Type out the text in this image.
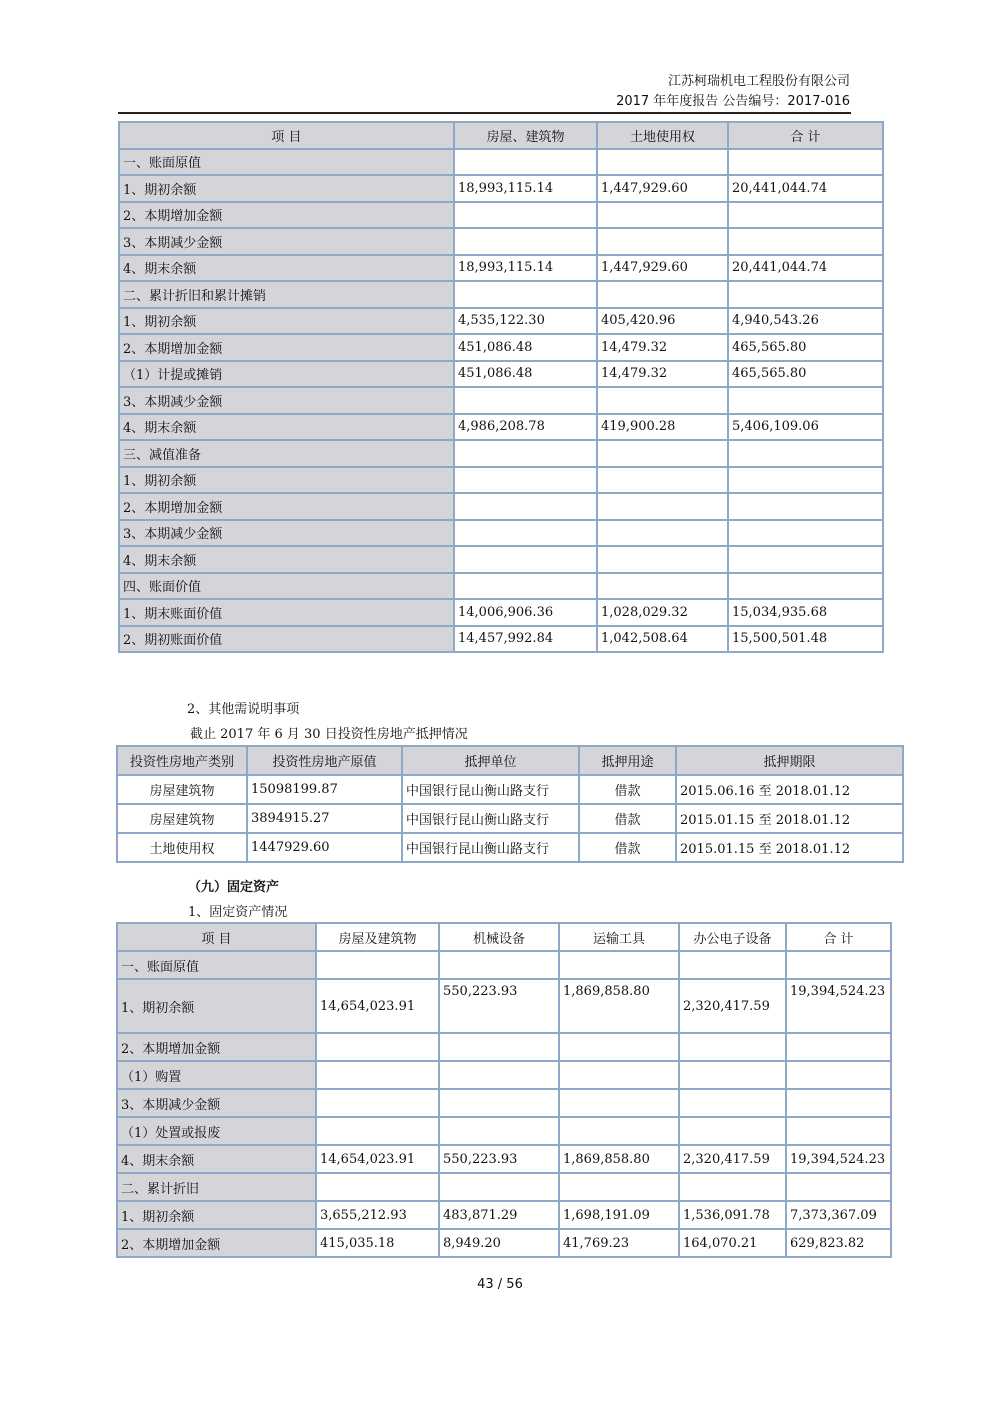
江苏柯瑞机电工程股份有限公司
2017 年年度报告 公告编号：2017-016
项 目	房屋、建筑物	土地使用权	合 计
一、账面原值			
1、期初余额	18,993,115.14	1,447,929.60	20,441,044.74
2、本期增加金额			
3、本期减少金额			
4、期末余额	18,993,115.14	1,447,929.60	20,441,044.74
二、累计折旧和累计摊销			
1、期初余额	4,535,122.30	405,420.96	4,940,543.26
2、本期增加金额	451,086.48	14,479.32	465,565.80
（1）计提或摊销	451,086.48	14,479.32	465,565.80
3、本期减少金额			
4、期末余额	4,986,208.78	419,900.28	5,406,109.06
三、减值准备			
1、期初余额			
2、本期增加金额			
3、本期减少金额			
4、期末余额			
四、账面价值			
1、期末账面价值	14,006,906.36	1,028,029.32	15,034,935.68
2、期初账面价值	14,457,992.84	1,042,508.64	15,500,501.48
2、其他需说明事项
截止 2017 年 6 月 30 日投资性房地产抵押情况
投资性房地产类别	投资性房地产原值	抵押单位	抵押用途	抵押期限
房屋建筑物	15098199.87	中国银行昆山衡山路支行	借款	2015.06.16 至 2018.01.12
房屋建筑物	3894915.27	中国银行昆山衡山路支行	借款	2015.01.15 至 2018.01.12
土地使用权	1447929.60	中国银行昆山衡山路支行	借款	2015.01.15 至 2018.01.12
（九）固定资产
1、固定资产情况
项 目	房屋及建筑物	机械设备	运输工具	办公电子设备	合 计
一、账面原值					
1、期初余额	14,654,023.91	550,223.93	1,869,858.80	2,320,417.59	19,394,524.23
2、本期增加金额					
（1）购置					
3、本期减少金额					
（1）处置或报废					
4、期末余额	14,654,023.91	550,223.93	1,869,858.80	2,320,417.59	19,394,524.23
二、累计折旧					
1、期初余额	3,655,212.93	483,871.29	1,698,191.09	1,536,091.78	7,373,367.09
2、本期增加金额	415,035.18	8,949.20	41,769.23	164,070.21	629,823.82
43 / 56
